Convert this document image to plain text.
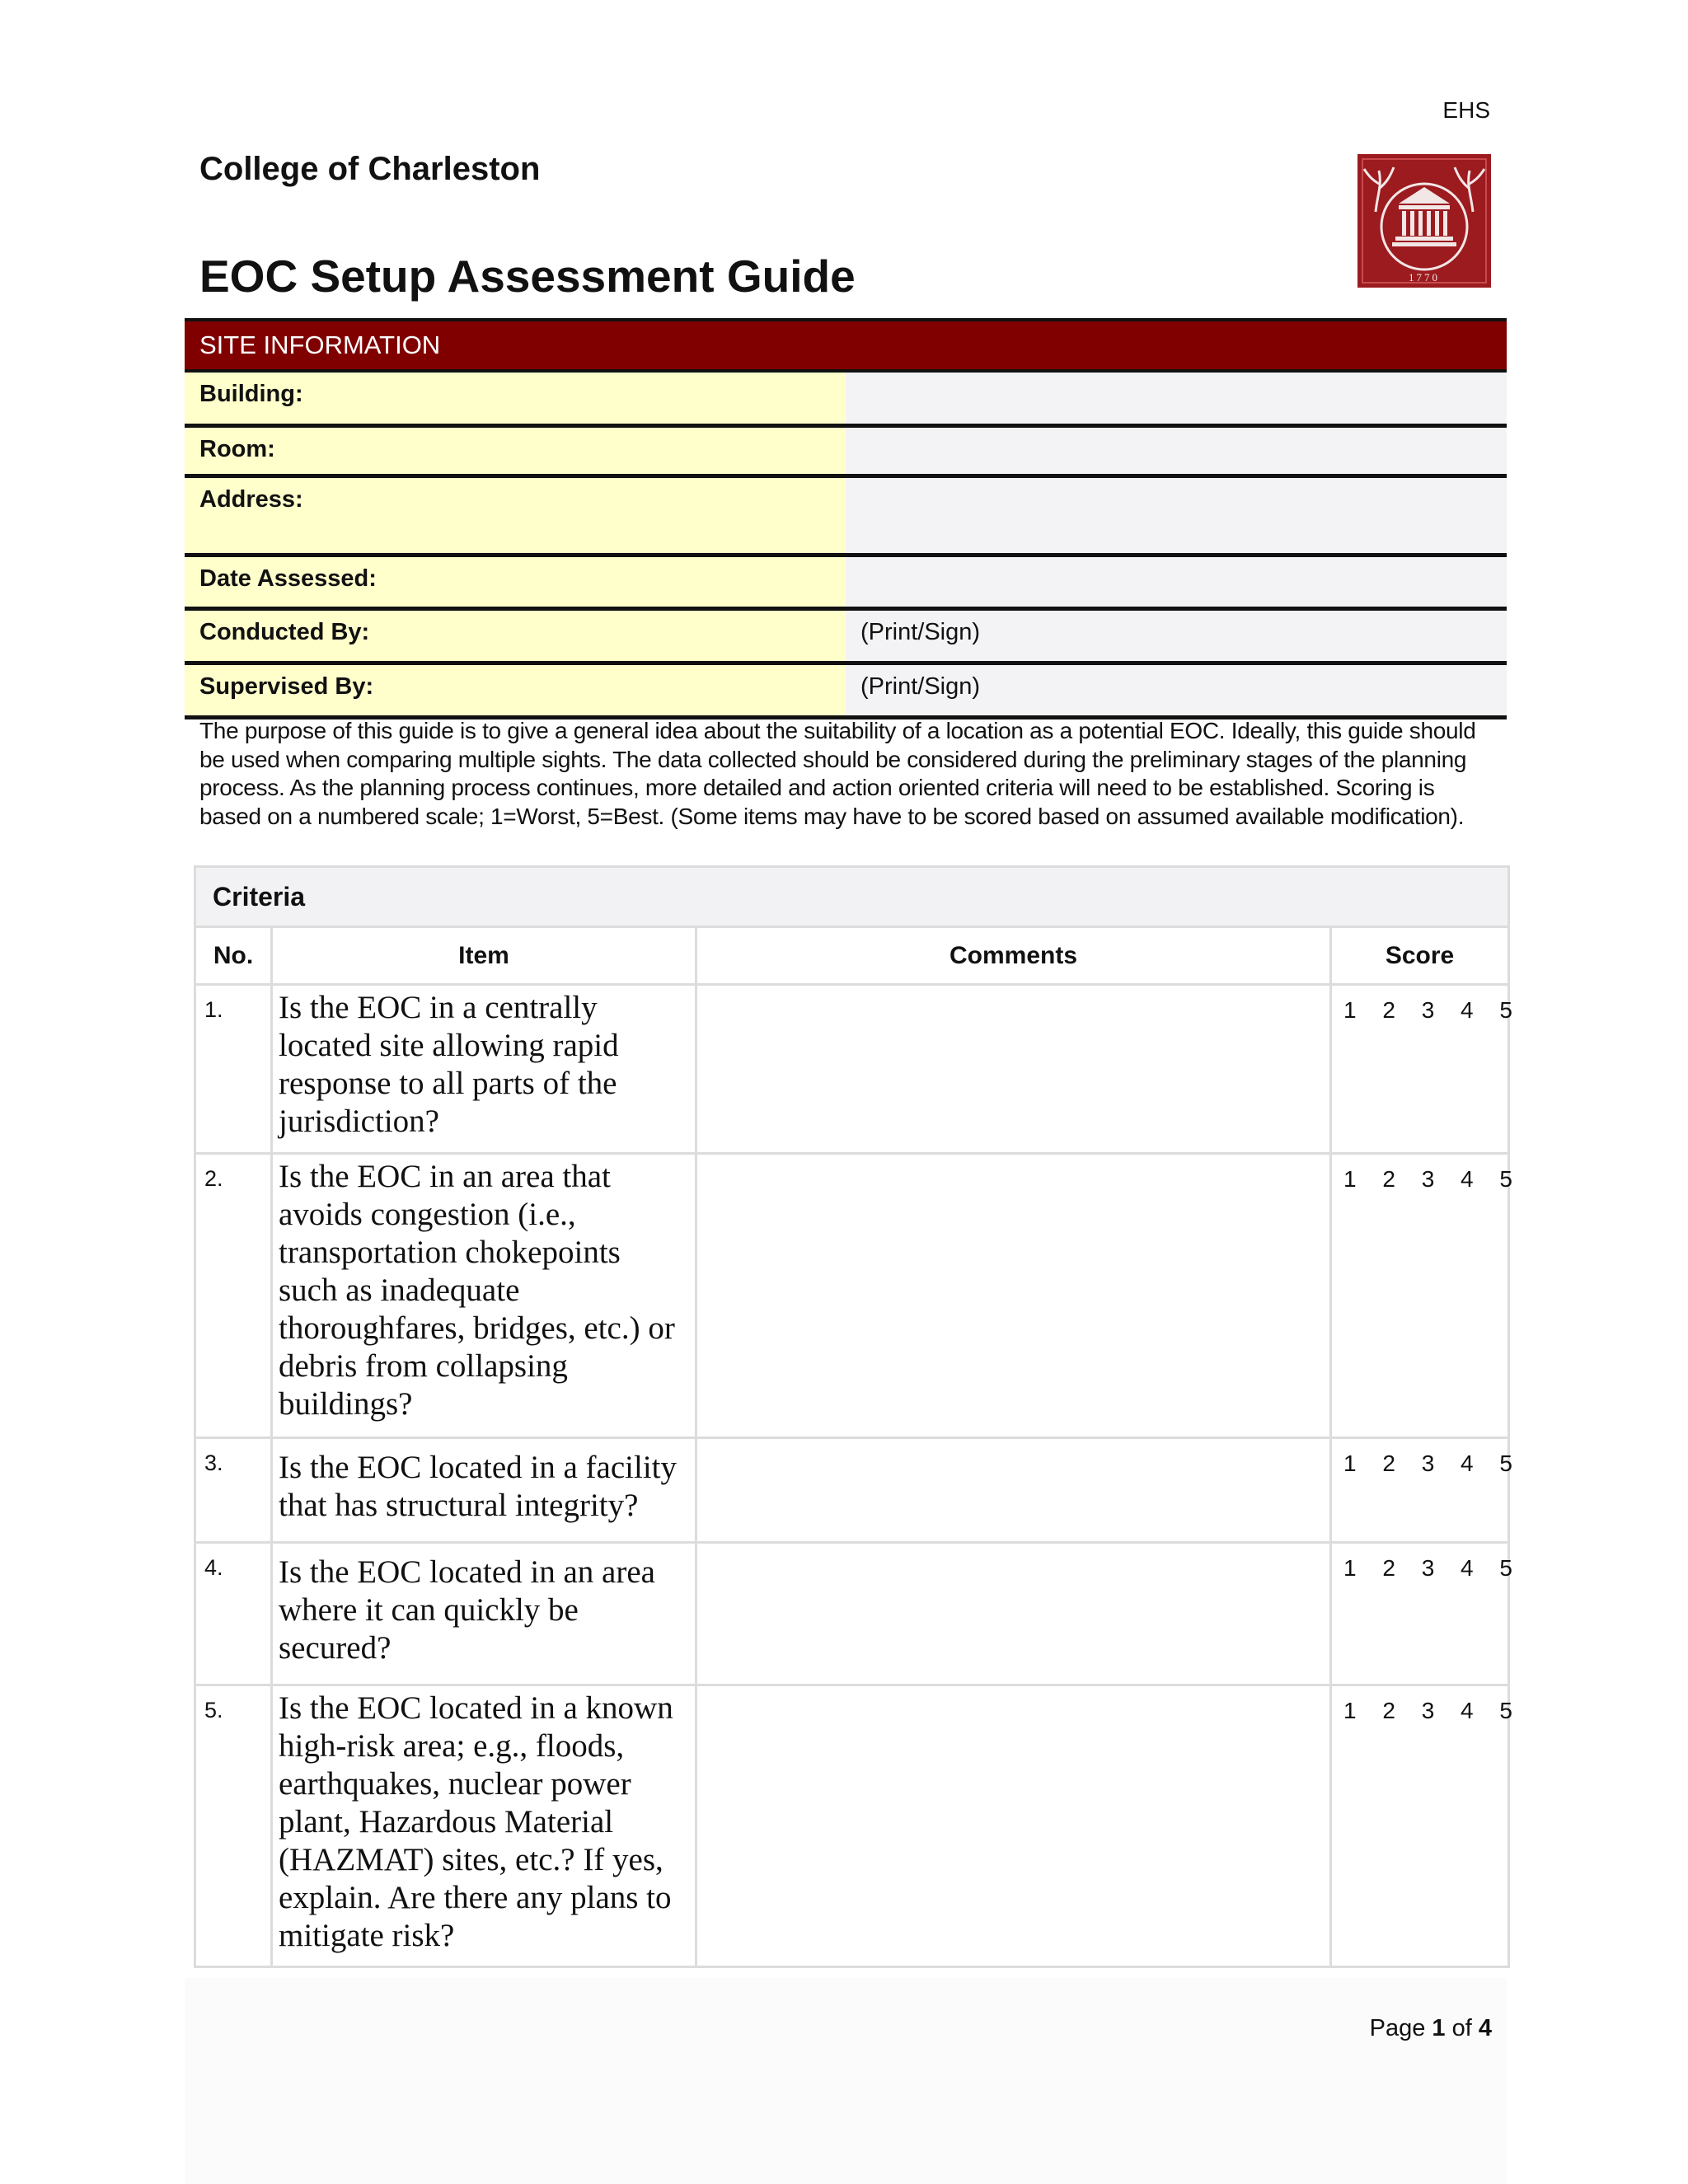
EHS
College of Charleston
EOC Setup Assessment Guide	1770
SITE INFORMATION	
Building:	
Room:	
Address:	
Date Assessed:	
Conducted By:	(Print/Sign)
Supervised By:	(Print/Sign)
The purpose of this guide is to give a general idea about the suitability of a location as a potential EOC. Ideally, this guide should be used when comparing multiple sights. The data collected should be considered during the preliminary stages of the planning process. As the planning process continues, more detailed and action oriented criteria will need to be established. Scoring is based on a numbered scale; 1=Worst, 5=Best. (Some items may have to be scored based on assumed available modification).
Criteria			
No.	Item	Comments	Score
1.	Is the EOC in a centrally located site allowing rapid response to all parts of the jurisdiction?		1 2 3 4 5
2.	Is the EOC in an area that avoids congestion (i.e., transportation chokepoints such as inadequate thoroughfares, bridges, etc.) or debris from collapsing buildings?		1 2 3 4 5
3.	Is the EOC located in a facility that has structural integrity?		1 2 3 4 5
4.	Is the EOC located in an area where it can quickly be secured?		1 2 3 4 5
5.	Is the EOC located in a known high-risk area; e.g., floods, earthquakes, nuclear power plant, Hazardous Material (HAZMAT) sites, etc.? If yes, explain. Are there any plans to mitigate risk?		1 2 3 4 5
Page 1 of 4
